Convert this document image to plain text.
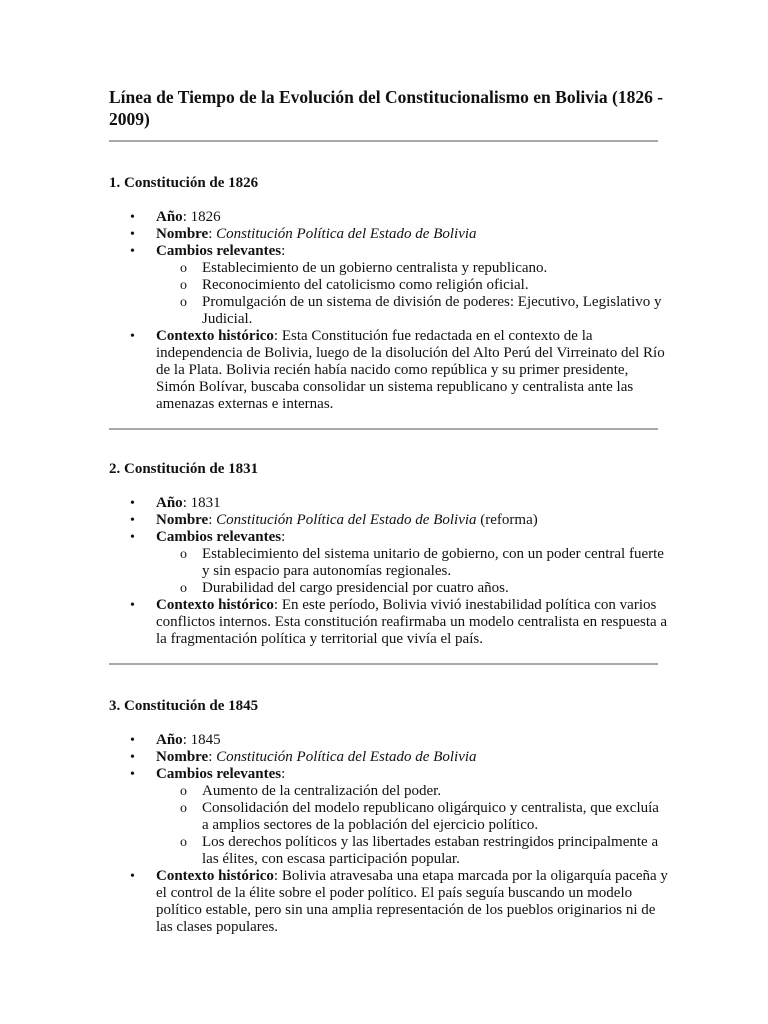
Línea de Tiempo de la Evolución del Constitucionalismo en Bolivia (1826 - 2009)
1. Constitución de 1826
• Año: 1826
• Nombre: Constitución Política del Estado de Bolivia
• Cambios relevantes:
o Establecimiento de un gobierno centralista y republicano.
o Reconocimiento del catolicismo como religión oficial.
o Promulgación de un sistema de división de poderes: Ejecutivo, Legislativo y Judicial.
• Contexto histórico: Esta Constitución fue redactada en el contexto de la independencia de Bolivia, luego de la disolución del Alto Perú del Virreinato del Río de la Plata. Bolivia recién había nacido como república y su primer presidente, Simón Bolívar, buscaba consolidar un sistema republicano y centralista ante las amenazas externas e internas.
2. Constitución de 1831
• Año: 1831
• Nombre: Constitución Política del Estado de Bolivia (reforma)
• Cambios relevantes:
o Establecimiento del sistema unitario de gobierno, con un poder central fuerte y sin espacio para autonomías regionales.
o Durabilidad del cargo presidencial por cuatro años.
• Contexto histórico: En este período, Bolivia vivió inestabilidad política con varios conflictos internos. Esta constitución reafirmaba un modelo centralista en respuesta a la fragmentación política y territorial que vivía el país.
3. Constitución de 1845
• Año: 1845
• Nombre: Constitución Política del Estado de Bolivia
• Cambios relevantes:
o Aumento de la centralización del poder.
o Consolidación del modelo republicano oligárquico y centralista, que excluía a amplios sectores de la población del ejercicio político.
o Los derechos políticos y las libertades estaban restringidos principalmente a las élites, con escasa participación popular.
• Contexto histórico: Bolivia atravesaba una etapa marcada por la oligarquía paceña y el control de la élite sobre el poder político. El país seguía buscando un modelo político estable, pero sin una amplia representación de los pueblos originarios ni de las clases populares.
